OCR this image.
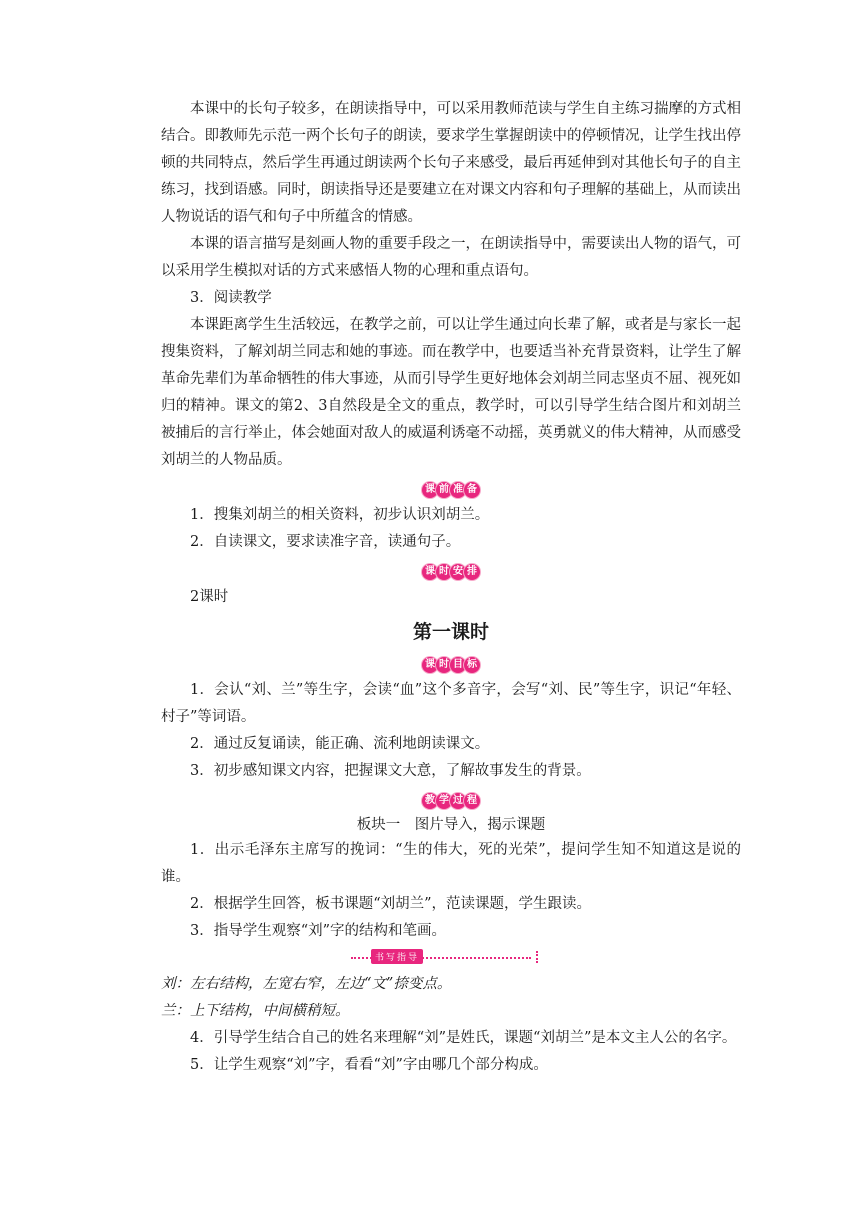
本课中的长句子较多，在朗读指导中，可以采用教师范读与学生自主练习揣摩的方式相结合。即教师先示范一两个长句子的朗读，要求学生掌握朗读中的停顿情况，让学生找出停顿的共同特点，然后学生再通过朗读两个长句子来感受，最后再延伸到对其他长句子的自主练习，找到语感。同时，朗读指导还是要建立在对课文内容和句子理解的基础上，从而读出人物说话的语气和句子中所蕴含的情感。

本课的语言描写是刻画人物的重要手段之一，在朗读指导中，需要读出人物的语气，可以采用学生模拟对话的方式来感悟人物的心理和重点语句。

3．阅读教学

本课距离学生生活较远，在教学之前，可以让学生通过向长辈了解，或者是与家长一起搜集资料，了解刘胡兰同志和她的事迹。而在教学中，也要适当补充背景资料，让学生了解革命先辈们为革命牺牲的伟大事迹，从而引导学生更好地体会刘胡兰同志坚贞不屈、视死如归的精神。课文的第2、3自然段是全文的重点，教学时，可以引导学生结合图片和刘胡兰被捕后的言行举止，体会她面对敌人的威逼利诱毫不动摇，英勇就义的伟大精神，从而感受刘胡兰的人物品质。

课 前 准 备

1．搜集刘胡兰的相关资料，初步认识刘胡兰。

2．自读课文，要求读准字音，读通句子。

课 时 安 排

2课时

第一课时
课 时 目 标

1．会认“刘、兰”等生字，会读“血”这个多音字，会写“刘、民”等生字，识记“年轻、村子”等词语。

2．通过反复诵读，能正确、流利地朗读课文。

3．初步感知课文内容，把握课文大意，了解故事发生的背景。

教 学 过 程
板块一　图片导入，揭示课题

1．出示毛泽东主席写的挽词：“生的伟大，死的光荣”，提问学生知不知道这是说的谁。

2．根据学生回答，板书课题“刘胡兰”，范读课题，学生跟读。

3．指导学生观察“刘”字的结构和笔画。

书写指导

刘：左右结构，左宽右窄，左边“文”捺变点。

兰：上下结构，中间横稍短。

4．引导学生结合自己的姓名来理解“刘”是姓氏，课题“刘胡兰”是本文主人公的名字。

5．让学生观察“刘”字，看看“刘”字由哪几个部分构成。
